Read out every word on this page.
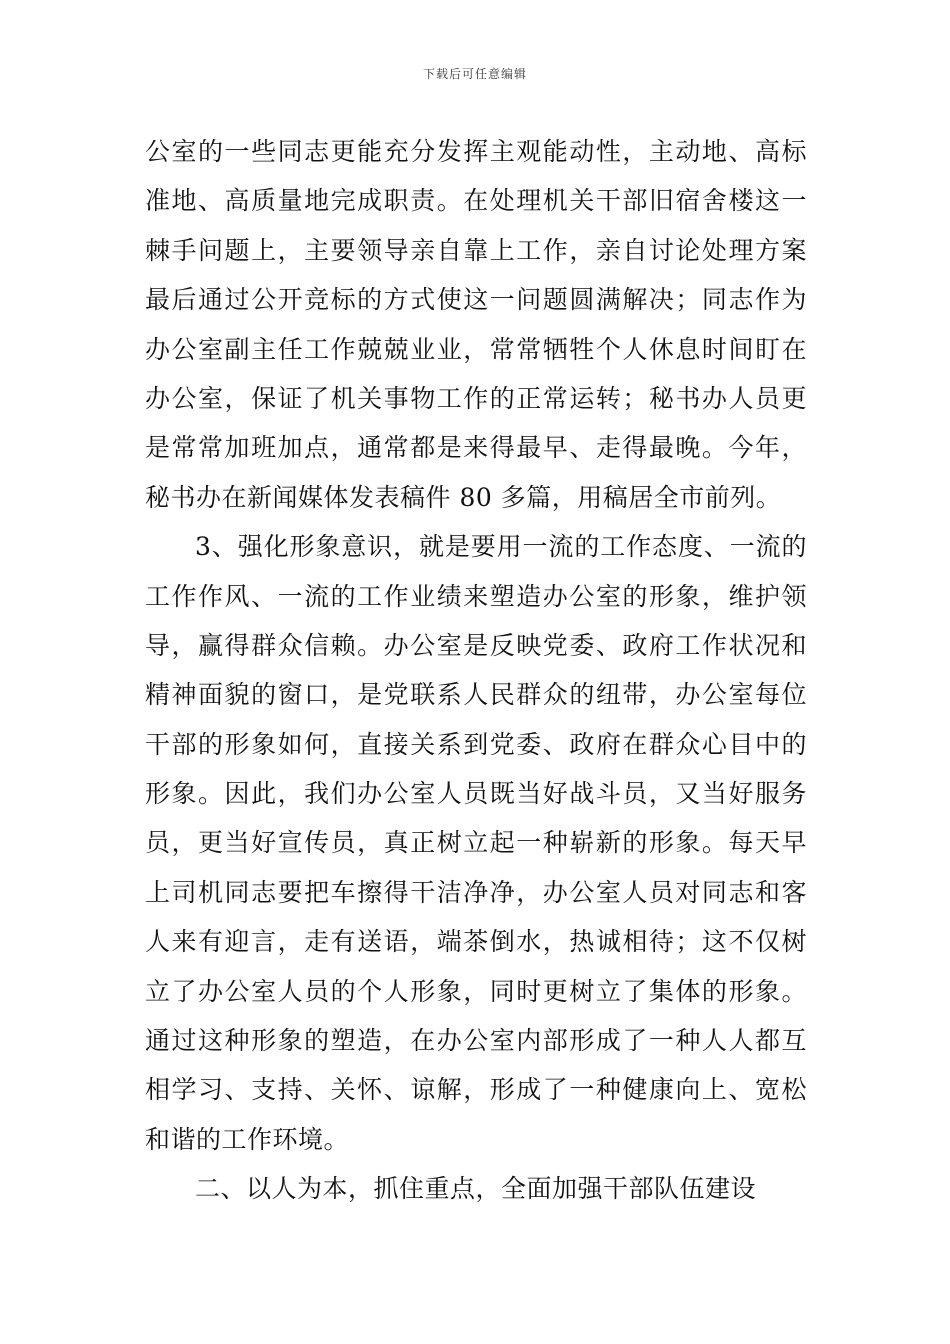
下载后可任意编辑
公室的一些同志更能充分发挥主观能动性，主动地、高标
准地、高质量地完成职责。在处理机关干部旧宿舍楼这一
棘手问题上，主要领导亲自靠上工作，亲自讨论处理方案
最后通过公开竞标的方式使这一问题圆满解决；同志作为
办公室副主任工作兢兢业业，常常牺牲个人休息时间盯在
办公室，保证了机关事物工作的正常运转；秘书办人员更
是常常加班加点，通常都是来得最早、走得最晚。今年，
秘书办在新闻媒体发表稿件 80 多篇，用稿居全市前列。
3、强化形象意识，就是要用一流的工作态度、一流的
工作作风、一流的工作业绩来塑造办公室的形象，维护领
导，赢得群众信赖。办公室是反映党委、政府工作状况和
精神面貌的窗口，是党联系人民群众的纽带，办公室每位
干部的形象如何，直接关系到党委、政府在群众心目中的
形象。因此，我们办公室人员既当好战斗员，又当好服务
员，更当好宣传员，真正树立起一种崭新的形象。每天早
上司机同志要把车擦得干洁净净，办公室人员对同志和客
人来有迎言，走有送语，端茶倒水，热诚相待；这不仅树
立了办公室人员的个人形象，同时更树立了集体的形象。
通过这种形象的塑造，在办公室内部形成了一种人人都互
相学习、支持、关怀、谅解，形成了一种健康向上、宽松
和谐的工作环境。
二、以人为本，抓住重点，全面加强干部队伍建设
